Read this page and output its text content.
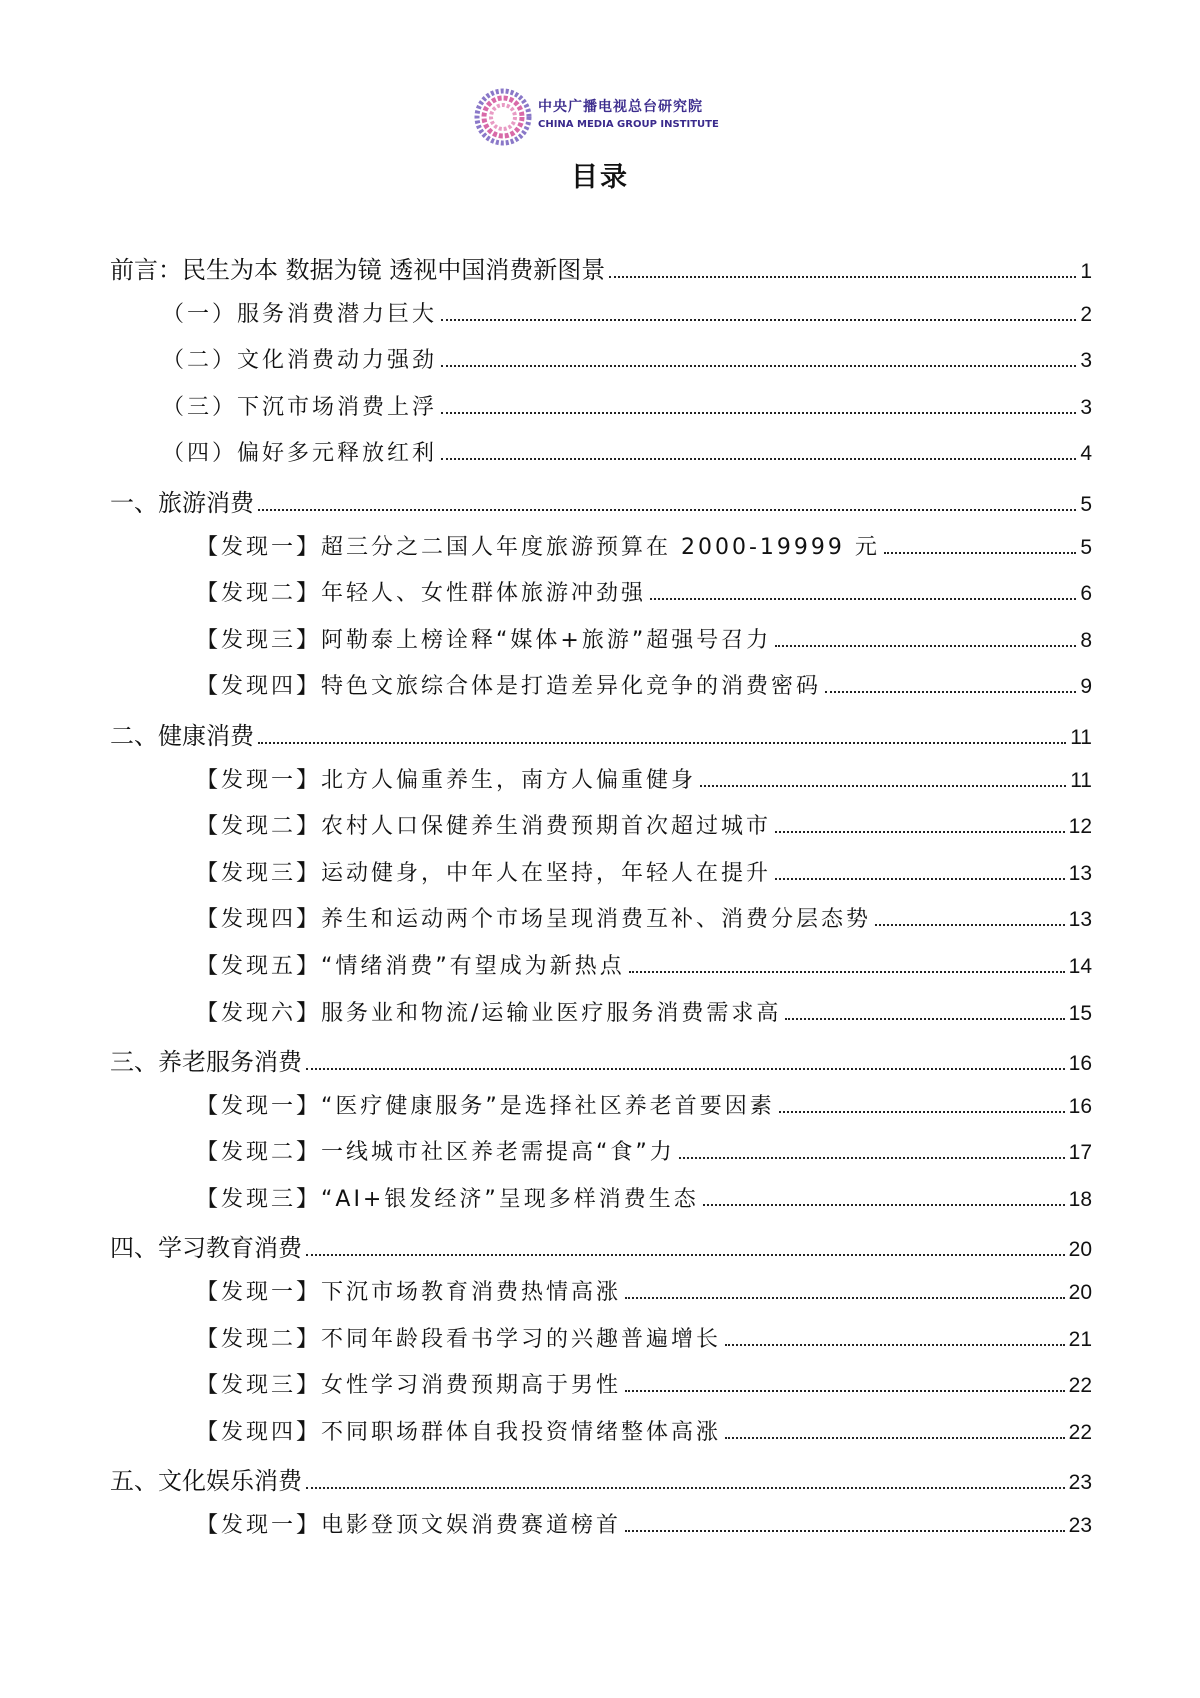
中央广播电视总台研究院
CHINA MEDIA GROUP INSTITUTE
目录
前言：民生为本 数据为镜 透视中国消费新图景	1
（一）服务消费潜力巨大	2
（二）文化消费动力强劲	3
（三）下沉市场消费上浮	3
（四）偏好多元释放红利	4
一、旅游消费	5
【发现一】超三分之二国人年度旅游预算在 2000-19999 元	5
【发现二】年轻人、女性群体旅游冲劲强	6
【发现三】阿勒泰上榜诠释“媒体+旅游”超强号召力	8
【发现四】特色文旅综合体是打造差异化竞争的消费密码	9
二、健康消费	11
【发现一】北方人偏重养生，南方人偏重健身	11
【发现二】农村人口保健养生消费预期首次超过城市	12
【发现三】运动健身，中年人在坚持，年轻人在提升	13
【发现四】养生和运动两个市场呈现消费互补、消费分层态势	13
【发现五】“情绪消费”有望成为新热点	14
【发现六】服务业和物流/运输业医疗服务消费需求高	15
三、养老服务消费	16
【发现一】“医疗健康服务”是选择社区养老首要因素	16
【发现二】一线城市社区养老需提高“食”力	17
【发现三】“AI+银发经济”呈现多样消费生态	18
四、学习教育消费	20
【发现一】下沉市场教育消费热情高涨	20
【发现二】不同年龄段看书学习的兴趣普遍增长	21
【发现三】女性学习消费预期高于男性	22
【发现四】不同职场群体自我投资情绪整体高涨	22
五、文化娱乐消费	23
【发现一】电影登顶文娱消费赛道榜首	23
